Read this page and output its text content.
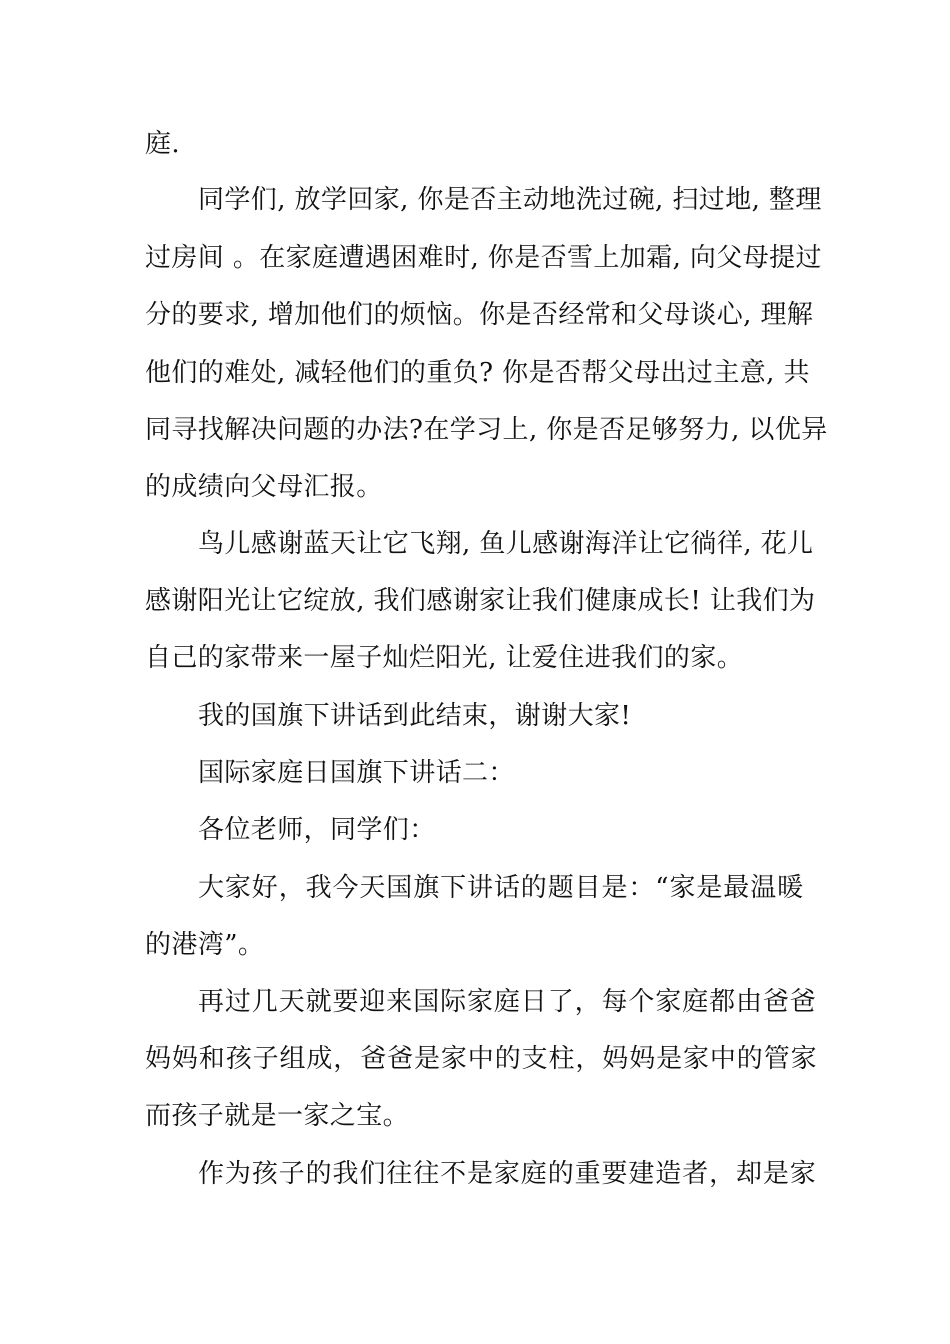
庭.
同学们, 放学回家, 你是否主动地洗过碗, 扫过地, 整理
过房间 。在家庭遭遇困难时, 你是否雪上加霜, 向父母提过
分的要求, 增加他们的烦恼。你是否经常和父母谈心, 理解
他们的难处, 减轻他们的重负? 你是否帮父母出过主意, 共
同寻找解决问题的办法?在学习上, 你是否足够努力, 以优异
的成绩向父母汇报。
鸟儿感谢蓝天让它飞翔, 鱼儿感谢海洋让它徜徉, 花儿
感谢阳光让它绽放, 我们感谢家让我们健康成长! 让我们为
自己的家带来一屋子灿烂阳光, 让爱住进我们的家。
我的国旗下讲话到此结束，谢谢大家!
国际家庭日国旗下讲话二：
各位老师，同学们：
大家好，我今天国旗下讲话的题目是：“家是最温暖
的港湾”。
再过几天就要迎来国际家庭日了，每个家庭都由爸爸
妈妈和孩子组成，爸爸是家中的支柱，妈妈是家中的管家
而孩子就是一家之宝。
作为孩子的我们往往不是家庭的重要建造者，却是家
